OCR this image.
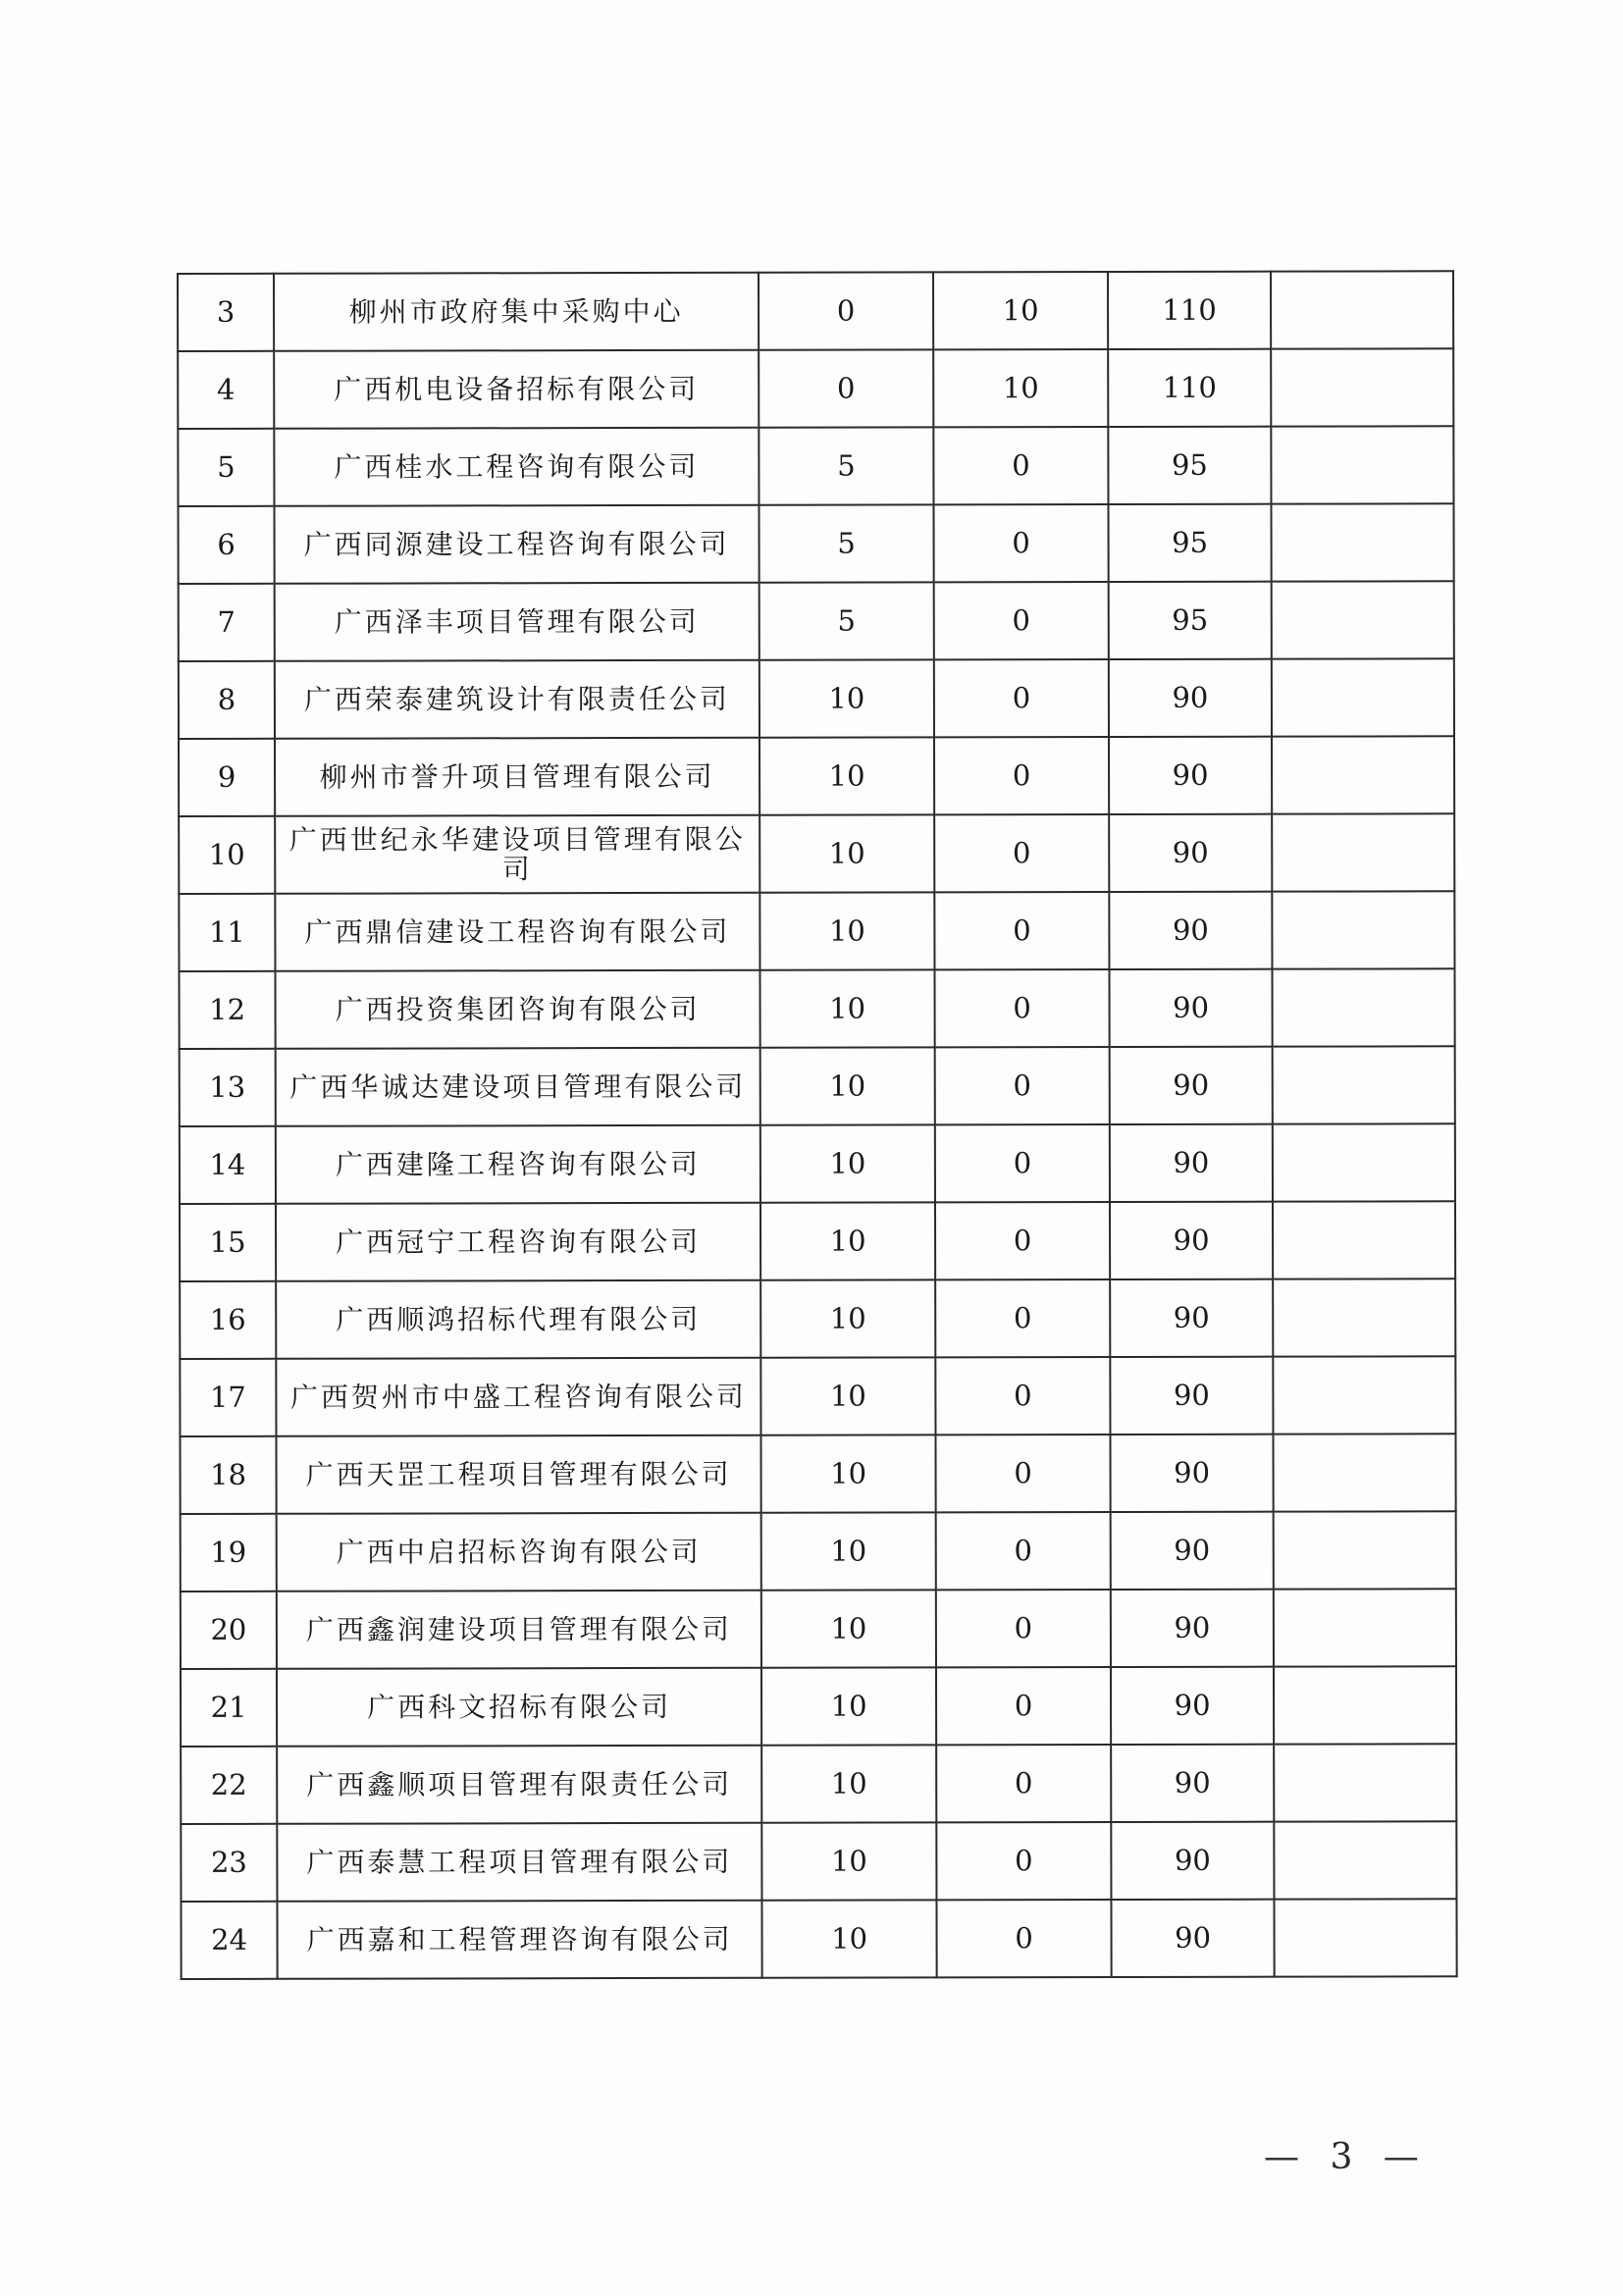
3	柳州市政府集中采购中心	0	10	110	
4	广西机电设备招标有限公司	0	10	110	
5	广西桂水工程咨询有限公司	5	0	95	
6	广西同源建设工程咨询有限公司	5	0	95	
7	广西泽丰项目管理有限公司	5	0	95	
8	广西荣泰建筑设计有限责任公司	10	0	90	
9	柳州市誉升项目管理有限公司	10	0	90	
10	广西世纪永华建设项目管理有限公司	10	0	90	
11	广西鼎信建设工程咨询有限公司	10	0	90	
12	广西投资集团咨询有限公司	10	0	90	
13	广西华诚达建设项目管理有限公司	10	0	90	
14	广西建隆工程咨询有限公司	10	0	90	
15	广西冠宁工程咨询有限公司	10	0	90	
16	广西顺鸿招标代理有限公司	10	0	90	
17	广西贺州市中盛工程咨询有限公司	10	0	90	
18	广西天罡工程项目管理有限公司	10	0	90	
19	广西中启招标咨询有限公司	10	0	90	
20	广西鑫润建设项目管理有限公司	10	0	90	
21	广西科文招标有限公司	10	0	90	
22	广西鑫顺项目管理有限责任公司	10	0	90	
23	广西泰慧工程项目管理有限公司	10	0	90	
24	广西嘉和工程管理咨询有限公司	10	0	90	
— 3 —
